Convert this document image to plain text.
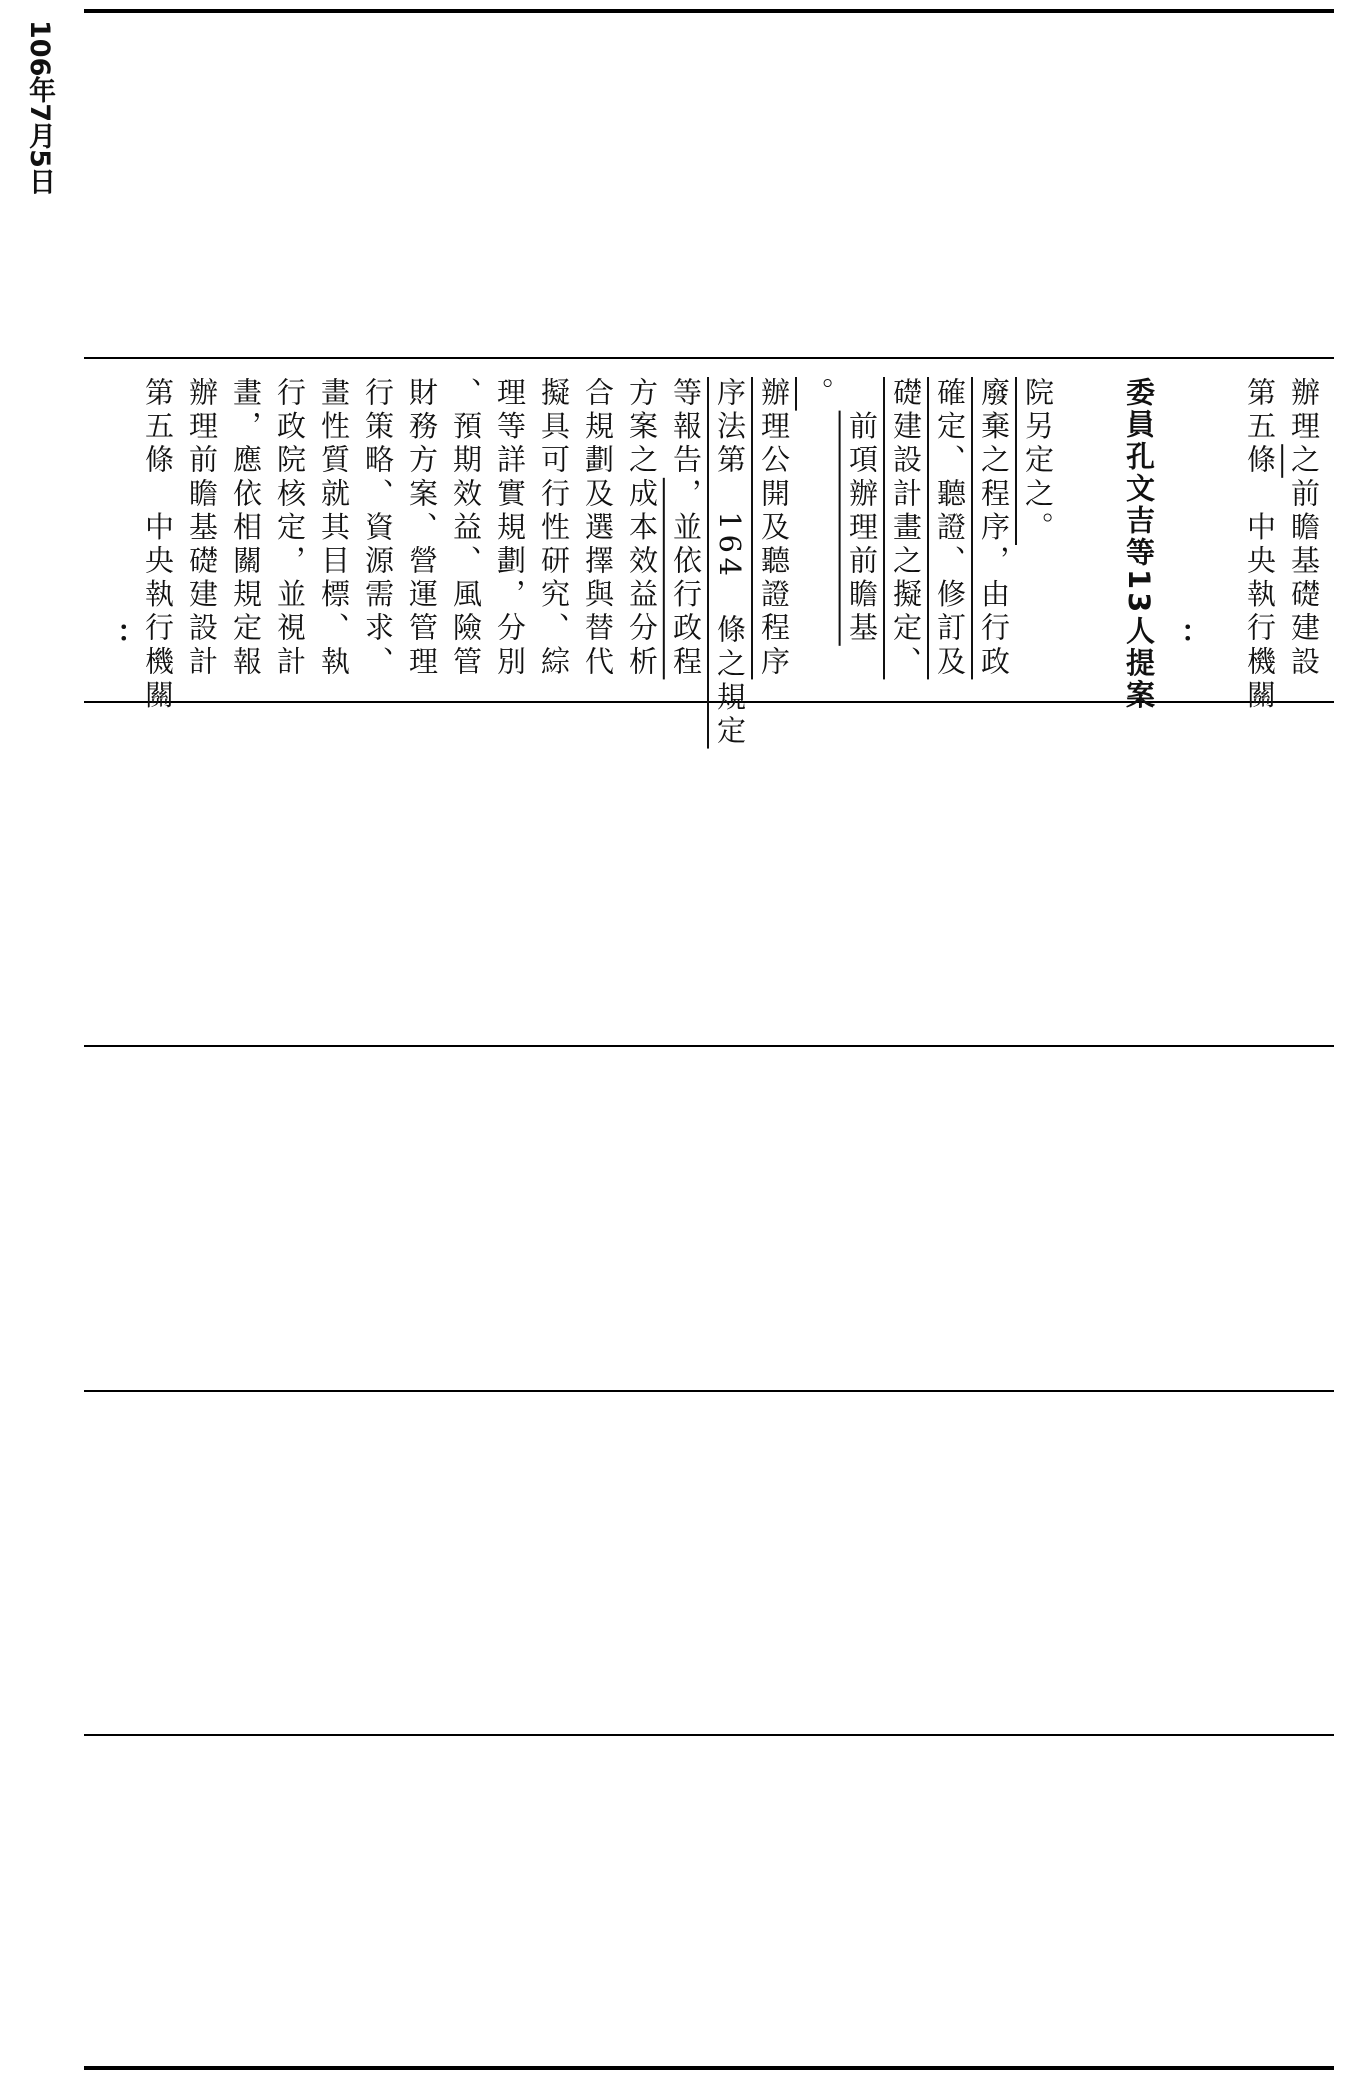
106年7月5日
： 第五條　中央執行機關 辦理前瞻基礎建設計 畫，應依相關規定報 行政院核定，並視計 畫性質就其目標、執 行策略、資源需求、 財務方案、營運管理 、預期效益、風險管 理等詳實規劃，分別 擬具可行性研究、綜 合規劃及選擇與替代 方案之成本效益分析 等報告，並依行政程 序法第　164　條之規定 辦理公開及聽證程序 。
　前項辦理前瞻基 礎建設計畫之擬定、 確定、聽證、修訂及 廢棄之程序，由行政 院另定之。 委員孔文吉等13人提案 ： 第五條　中央執行機關 辦理之前瞻基礎建設
